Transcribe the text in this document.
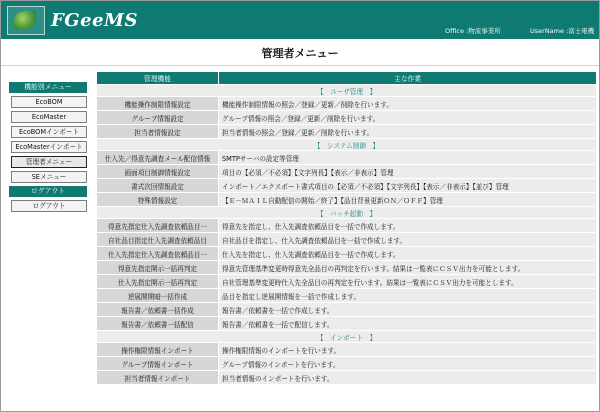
FGeeMS	Office :物流事業所	UserName :富士電機
管理者メニュー
機能別メニュー
EcoBOM
EcoMaster
EcoBOMインポート
EcoMasterインポート
管理者メニュー
SEメニュー
ログアウト
ログアウト
管理機能	主な作業
【　ユーザ管理　】	
機能操作制限情報設定	機能操作制限情報の照会／登録／更新／削除を行います。
グループ情報設定	グループ情報の照会／登録／更新／削除を行います。
担当者情報設定	担当者情報の照会／登録／更新／削除を行います。
【　システム制御　】	
仕入先／得意先調査メール配信情報	SMTPサーバの設定等管理
画面項目制御情報設定	項目の【必須／不必須】【文字列長】【表示／非表示】管理
書式次回情報設定	インポート／エクスポート書式項目の【必須／不必須】【文字列長】【表示／非表示】【並び】管理
特殊情報設定	【Ｅ－ＭＡＩＬ自動配信の開始／終了】【品目背景更新ＯＮ／ＯＦＦ】管理
【　バッチ起動　】	
得意先指定仕入先調査依頼品目一	得意先を指定し、仕入先調査依頼品目を一括で作成します。
自社品目指定仕入先調査依頼品目	自社品目を指定し、仕入先調査依頼品目を一括で作成します。
仕入先指定仕入先調査依頼品目一	仕入先を指定し、仕入先調査依頼品目を一括で作成します。
得意先指定開示一括再判定	得意先管理基準変更時得意先全品目の再判定を行います。結果は一覧表にＣＳＶ出力を可能とします。
仕入先指定開示一括再判定	自社管理基準変更時仕入先全品目の再判定を行います。結果は一覧表にＣＳＶ出力を可能とします。
逆展開開暗一括作成	品目を指定し逆展開情報を一括で作成します。
報告書／依頼書一括作成	報告書／依頼書を一括で作成します。
報告書／依頼書一括配信	報告書／依頼書を一括で配信します。
【　インポート　】	
操作権限情報インポート	操作権限情報のインポートを行います。
グループ情報インポート	グループ情報のインポートを行います。
担当者情報インポート	担当者情報のインポートを行います。
